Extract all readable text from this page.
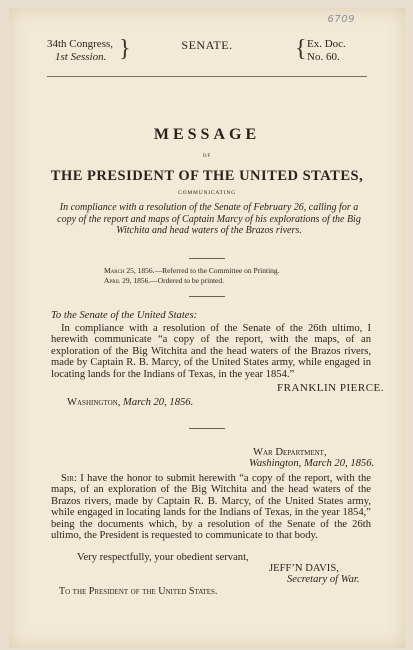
6709
34th Congress,
1st Session. }	SENATE.	{ Ex. Doc.
No. 60.
MESSAGE
OF
THE PRESIDENT OF THE UNITED STATES,
COMMUNICATING
In compliance with a resolution of the Senate of February 26, calling for a copy of the report and maps of Captain Marcy of his explorations of the Big Witchita and head waters of the Brazos rivers.
March 25, 1856.—Referred to the Committee on Printing.
April 29, 1856.—Ordered to be printed.
To the Senate of the United States:
In compliance with a resolution of the Senate of the 26th ultimo, I herewith communicate “a copy of the report, with the maps, of an exploration of the Big Witchita and the head waters of the Brazos rivers, made by Captain R. B. Marcy, of the United States army, while engaged in locating lands for the Indians of Texas, in the year 1854.”
FRANKLIN PIERCE.
Washington, March 20, 1856.
War Department,
Washington, March 20, 1856.
Sir: I have the honor to submit herewith “a copy of the report, with the maps, of an exploration of the Big Witchita and the head waters of the Brazos rivers, made by Captain R. B. Marcy, of the United States army, while engaged in locating lands for the Indians of Texas, in the year 1854,” being the documents which, by a resolution of the Senate of the 26th ultimo, the President is requested to communicate to that body.
Very respectfully, your obedient servant,
JEFF’N DAVIS,
Secretary of War.
To the President of the United States.
